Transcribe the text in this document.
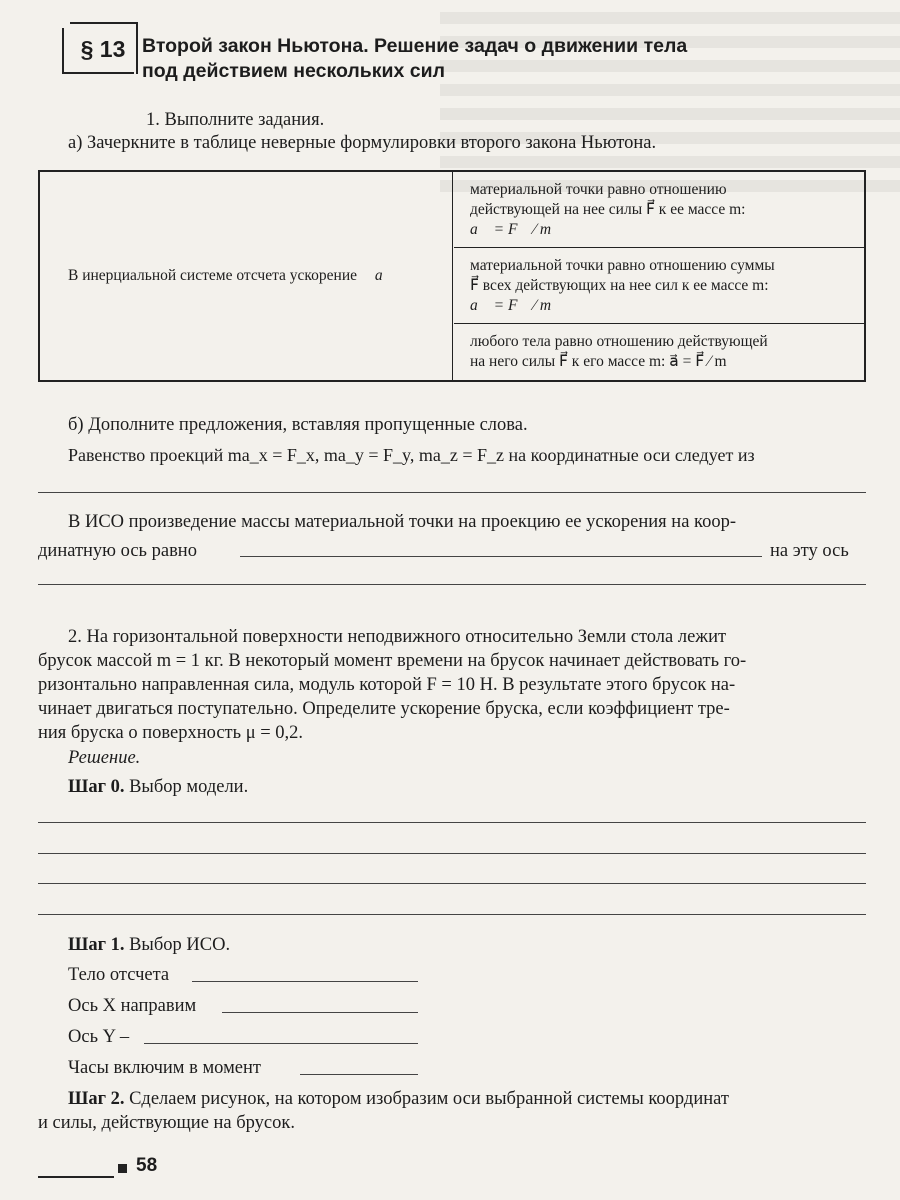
§ 13 Второй закон Ньютона. Решение задач о движении тела
под действием нескольких сил
1. Выполните задания.
а) Зачеркните в таблице неверные формулировки второго закона Ньютона.
В инерциальной системе отсчета ускорение a⃗
материальной точки равно отношению
действующей на нее силы F⃗ к ее массе m:
a⃗ = F⃗ ⁄ m
материальной точки равно отношению суммы
F⃗ всех действующих на нее сил к ее массе m:
a⃗ = F⃗ ⁄ m
любого тела равно отношению действующей
на него силы F⃗ к его массе m: a⃗ = F⃗ ⁄ m
б) Дополните предложения, вставляя пропущенные слова.
Равенство проекций ma_x = F_x, ma_y = F_y, ma_z = F_z на координатные оси следует из
В ИСО произведение массы материальной точки на проекцию ее ускорения на коор-
динатную ось равно	на эту ось
2. На горизонтальной поверхности неподвижного относительно Земли стола лежит
брусок массой m = 1 кг. В некоторый момент времени на брусок начинает действовать го-
ризонтально направленная сила, модуль которой F = 10 Н. В результате этого брусок на-
чинает двигаться поступательно. Определите ускорение бруска, если коэффициент тре-
ния бруска о поверхность μ = 0,2.
Решение.
Шаг 0. Выбор модели.
Шаг 1. Выбор ИСО.
Тело отсчета
Ось X направим
Ось Y –
Часы включим в момент
Шаг 2. Сделаем рисунок, на котором изобразим оси выбранной системы координат
и силы, действующие на брусок.
58
